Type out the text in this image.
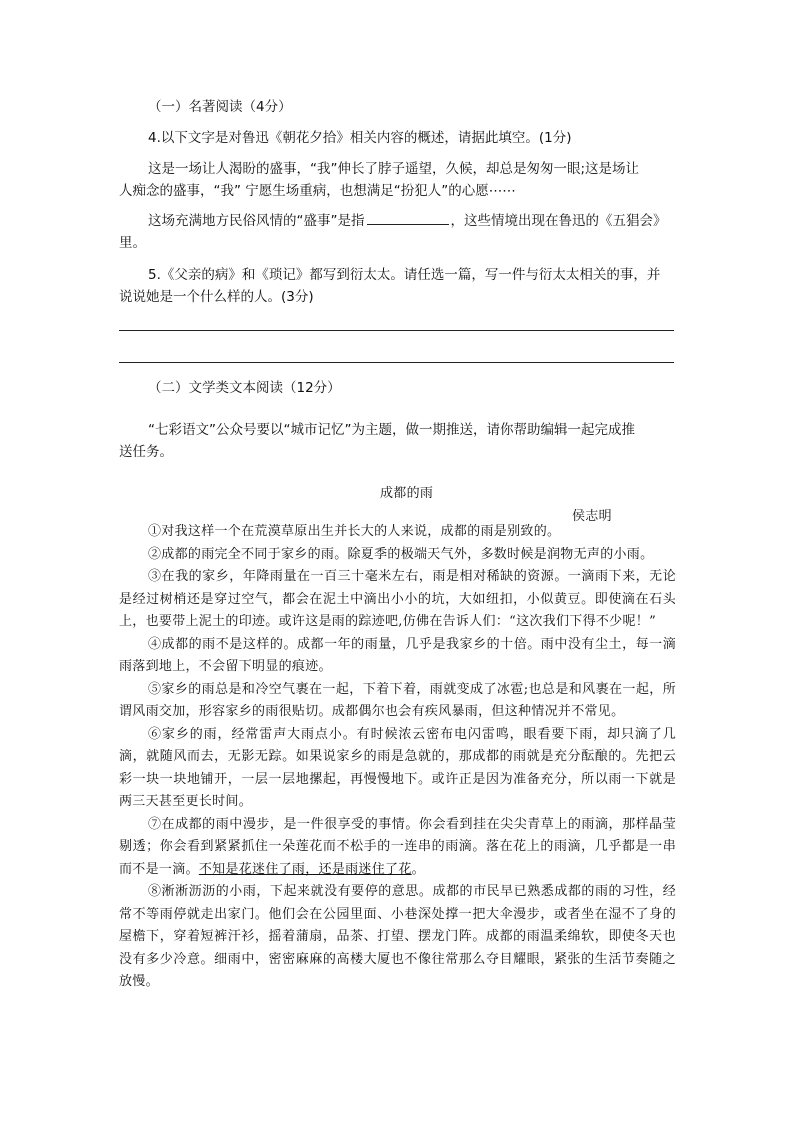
（一）名著阅读（4分）
4.以下文字是对鲁迅《朝花夕拾》相关内容的概述，请据此填空。(1分)
这是一场让人渴盼的盛事，“我”伸长了脖子遥望，久候，却总是匆匆一眼;这是场让
人痴念的盛事，“我” 宁愿生场重病，也想满足“扮犯人”的心愿⋯⋯
这场充满地方民俗风情的“盛事”是指	，这些情境出现在鲁迅的《五猖会》
里。
5.《父亲的病》和《琐记》都写到衍太太。请任选一篇，写一件与衍太太相关的事，并
说说她是一个什么样的人。(3分)
（二）文学类文本阅读（12分）
“七彩语文”公众号要以“城市记忆”为主题，做一期推送，请你帮助编辑一起完成推
送任务。
成都的雨
侯志明

①对我这样一个在荒漠草原出生并长大的人来说，成都的雨是别致的。

②成都的雨完全不同于家乡的雨。除夏季的极端天气外，多数时候是润物无声的小雨。

③在我的家乡，年降雨量在一百三十毫米左右，雨是相对稀缺的资源。一滴雨下来，无论是经过树梢还是穿过空气，都会在泥土中滴出小小的坑，大如纽扣，小似黄豆。即使滴在石头上，也要带上泥土的印迹。或许这是雨的踪迹吧,仿佛在告诉人们：“这次我们下得不少呢！”

④成都的雨不是这样的。成都一年的雨量，几乎是我家乡的十倍。雨中没有尘土，每一滴雨落到地上，不会留下明显的痕迹。

⑤家乡的雨总是和冷空气裹在一起，下着下着，雨就变成了冰雹;也总是和风裹在一起，所谓风雨交加，形容家乡的雨很贴切。成都偶尔也会有疾风暴雨，但这种情况并不常见。

⑥家乡的雨，经常雷声大雨点小。有时候浓云密布电闪雷鸣，眼看要下雨，却只滴了几滴，就随风而去，无影无踪。如果说家乡的雨是急就的，那成都的雨就是充分酝酿的。先把云彩一块一块地铺开，一层一层地摞起，再慢慢地下。或许正是因为准备充分，所以雨一下就是两三天甚至更长时间。

⑦在成都的雨中漫步，是一件很享受的事情。你会看到挂在尖尖青草上的雨滴，那样晶莹剔透；你会看到紧紧抓住一朵莲花而不松手的一连串的雨滴。落在花上的雨滴，几乎都是一串而不是一滴。不知是花迷住了雨，还是雨迷住了花。

⑧淅淅沥沥的小雨，下起来就没有要停的意思。成都的市民早已熟悉成都的雨的习性，经常不等雨停就走出家门。他们会在公园里面、小巷深处撑一把大伞漫步，或者坐在湿不了身的屋檐下，穿着短裤汗衫，摇着蒲扇，品茶、打望、摆龙门阵。成都的雨温柔绵软，即使冬天也没有多少冷意。细雨中，密密麻麻的高楼大厦也不像往常那么夺目耀眼，紧张的生活节奏随之放慢。
